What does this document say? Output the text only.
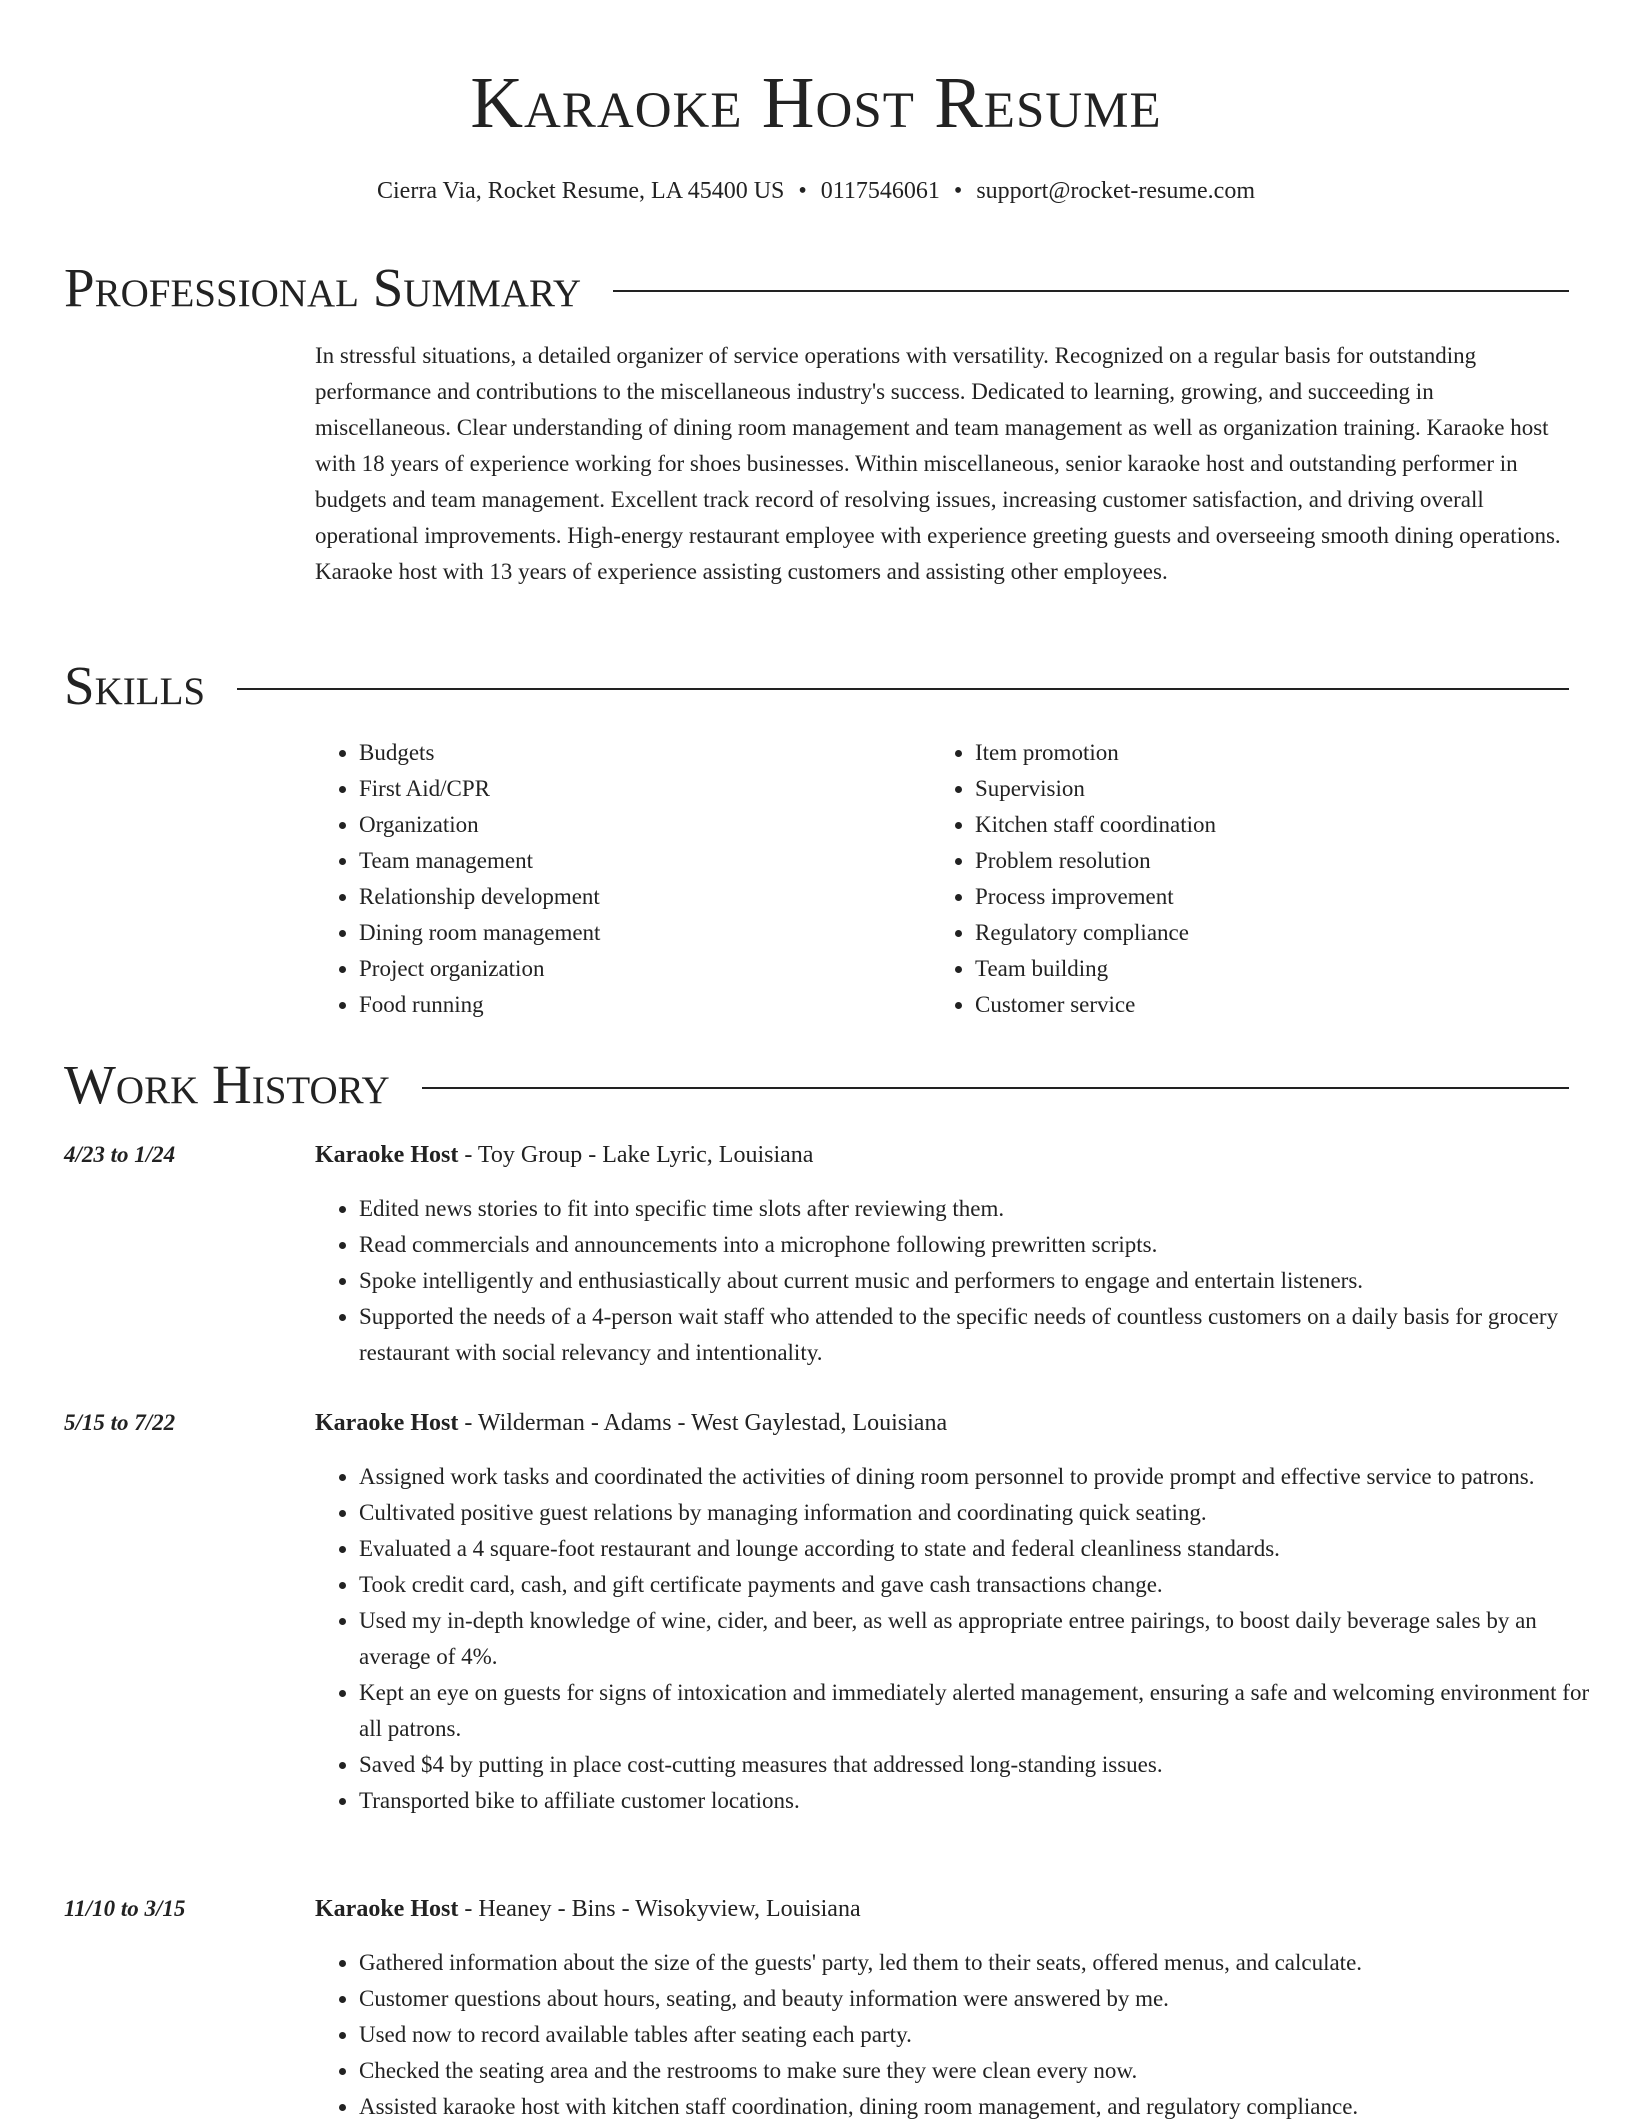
Karaoke Host Resume
Cierra Via, Rocket Resume, LA 45400 US • 0117546061 • support@rocket-resume.com
Professional Summary

In stressful situations, a detailed organizer of service operations with versatility. Recognized on a regular basis for outstanding performance and contributions to the miscellaneous industry's success. Dedicated to learning, growing, and succeeding in miscellaneous. Clear understanding of dining room management and team management as well as organization training. Karaoke host with 18 years of experience working for shoes businesses. Within miscellaneous, senior karaoke host and outstanding performer in budgets and team management. Excellent track record of resolving issues, increasing customer satisfaction, and driving overall operational improvements. High-energy restaurant employee with experience greeting guests and overseeing smooth dining operations. Karaoke host with 13 years of experience assisting customers and assisting other employees.

Skills
• Budgets
• First Aid/CPR
• Organization
• Team management
• Relationship development
• Dining room management
• Project organization
• Food running
• Item promotion
• Supervision
• Kitchen staff coordination
• Problem resolution
• Process improvement
• Regulatory compliance
• Team building
• Customer service
Work History
4/23 to 1/24	Karaoke Host - Toy Group - Lake Lyric, Louisiana
• Edited news stories to fit into specific time slots after reviewing them.
• Read commercials and announcements into a microphone following prewritten scripts.
• Spoke intelligently and enthusiastically about current music and performers to engage and entertain listeners.
• Supported the needs of a 4-person wait staff who attended to the specific needs of countless customers on a daily basis for grocery restaurant with social relevancy and intentionality.
5/15 to 7/22	Karaoke Host - Wilderman - Adams - West Gaylestad, Louisiana
• Assigned work tasks and coordinated the activities of dining room personnel to provide prompt and effective service to patrons.
• Cultivated positive guest relations by managing information and coordinating quick seating.
• Evaluated a 4 square-foot restaurant and lounge according to state and federal cleanliness standards.
• Took credit card, cash, and gift certificate payments and gave cash transactions change.
• Used my in-depth knowledge of wine, cider, and beer, as well as appropriate entree pairings, to boost daily beverage sales by an average of 4%.
• Kept an eye on guests for signs of intoxication and immediately alerted management, ensuring a safe and welcoming environment for all patrons.
• Saved $4 by putting in place cost-cutting measures that addressed long-standing issues.
• Transported bike to affiliate customer locations.
11/10 to 3/15	Karaoke Host - Heaney - Bins - Wisokyview, Louisiana
• Gathered information about the size of the guests' party, led them to their seats, offered menus, and calculate.
• Customer questions about hours, seating, and beauty information were answered by me.
• Used now to record available tables after seating each party.
• Checked the seating area and the restrooms to make sure they were clean every now.
• Assisted karaoke host with kitchen staff coordination, dining room management, and regulatory compliance.
